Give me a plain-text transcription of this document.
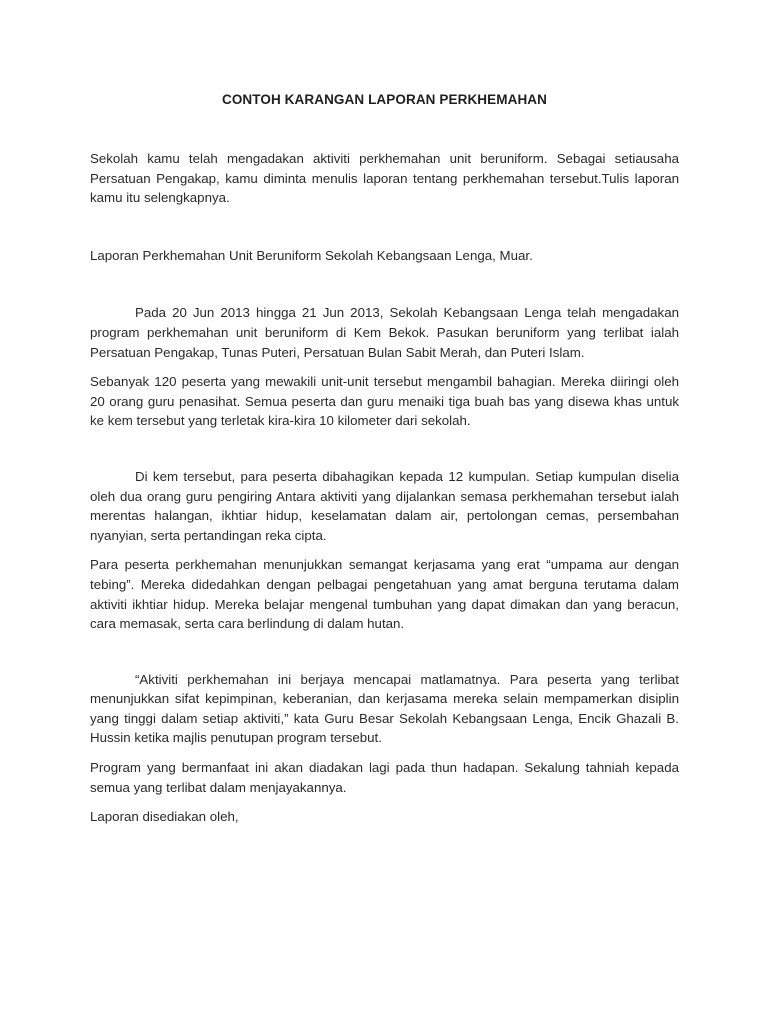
CONTOH KARANGAN LAPORAN PERKHEMAHAN

Sekolah kamu telah mengadakan aktiviti perkhemahan unit beruniform. Sebagai setiausaha Persatuan Pengakap, kamu diminta menulis laporan tentang perkhemahan tersebut.Tulis laporan kamu itu selengkapnya.

Laporan Perkhemahan Unit Beruniform Sekolah Kebangsaan Lenga, Muar.

Pada 20 Jun 2013 hingga 21 Jun 2013, Sekolah Kebangsaan Lenga telah mengadakan program perkhemahan unit beruniform di Kem Bekok. Pasukan beruniform yang terlibat ialah Persatuan Pengakap, Tunas Puteri, Persatuan Bulan Sabit Merah, dan Puteri Islam.

Sebanyak 120 peserta yang mewakili unit-unit tersebut mengambil bahagian. Mereka diiringi oleh 20 orang guru penasihat. Semua peserta dan guru menaiki tiga buah bas yang disewa khas untuk ke kem tersebut yang terletak kira-kira 10 kilometer dari sekolah.

Di kem tersebut, para peserta dibahagikan kepada 12 kumpulan. Setiap kumpulan diselia oleh dua orang guru pengiring Antara aktiviti yang dijalankan semasa perkhemahan tersebut ialah merentas halangan, ikhtiar hidup, keselamatan dalam air, pertolongan cemas, persembahan nyanyian, serta pertandingan reka cipta.

Para peserta perkhemahan menunjukkan semangat kerjasama yang erat “umpama aur dengan tebing”. Mereka didedahkan dengan pelbagai pengetahuan yang amat berguna terutama dalam aktiviti ikhtiar hidup. Mereka belajar mengenal tumbuhan yang dapat dimakan dan yang beracun, cara memasak, serta cara berlindung di dalam hutan.

“Aktiviti perkhemahan ini berjaya mencapai matlamatnya. Para peserta yang terlibat menunjukkan sifat kepimpinan, keberanian, dan kerjasama mereka selain mempamerkan disiplin yang tinggi dalam setiap aktiviti,” kata Guru Besar Sekolah Kebangsaan Lenga, Encik Ghazali B. Hussin ketika majlis penutupan program tersebut.

Program yang bermanfaat ini akan diadakan lagi pada thun hadapan. Sekalung tahniah kepada semua yang terlibat dalam menjayakannya.

Laporan disediakan oleh,
